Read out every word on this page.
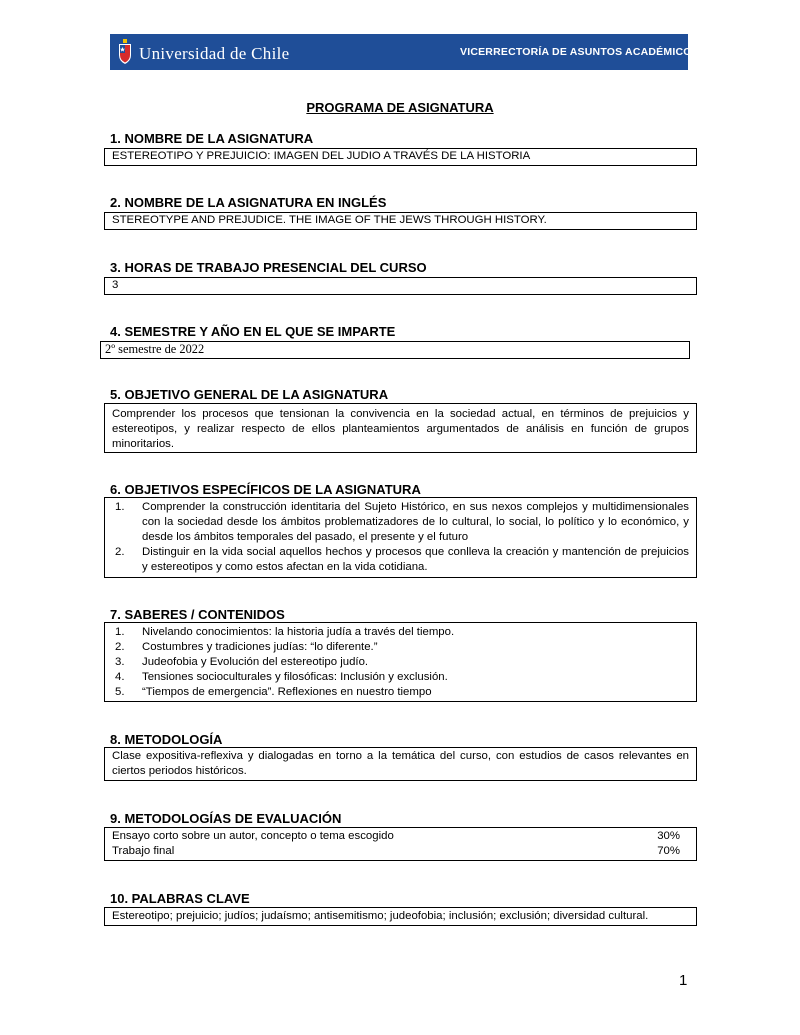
Universidad de Chile	VICERRECTORÍA DE ASUNTOS ACADÉMICOS
PROGRAMA DE ASIGNATURA
1. NOMBRE DE LA ASIGNATURA
ESTEREOTIPO Y PREJUICIO: IMAGEN DEL JUDIO A TRAVÉS DE LA HISTORIA
2. NOMBRE DE LA ASIGNATURA EN INGLÉS
STEREOTYPE AND PREJUDICE. THE IMAGE OF THE JEWS THROUGH HISTORY.
3. HORAS DE TRABAJO PRESENCIAL DEL CURSO
3
4. SEMESTRE Y AÑO EN EL QUE SE IMPARTE
2º semestre de 2022
5. OBJETIVO GENERAL DE LA ASIGNATURA
Comprender los procesos que tensionan la convivencia en la sociedad actual, en términos de prejuicios y estereotipos, y realizar respecto de ellos planteamientos argumentados de análisis en función de grupos minoritarios.
6. OBJETIVOS ESPECÍFICOS DE LA ASIGNATURA
1. Comprender la construcción identitaria del Sujeto Histórico, en sus nexos complejos y multidimensionales con la sociedad desde los ámbitos problematizadores de lo cultural, lo social, lo político y lo económico, y desde los ámbitos temporales del pasado, el presente y el futuro
2. Distinguir en la vida social aquellos hechos y procesos que conlleva la creación y mantención de prejuicios y estereotipos y como estos afectan en la vida cotidiana.
7. SABERES / CONTENIDOS
1. Nivelando conocimientos: la historia judía a través del tiempo.
2. Costumbres y tradiciones judías: “lo diferente.”
3. Judeofobia y Evolución del estereotipo judío.
4. Tensiones socioculturales y filosóficas: Inclusión y exclusión.
5. “Tiempos de emergencia”. Reflexiones en nuestro tiempo
8. METODOLOGÍA
Clase expositiva-reflexiva y dialogadas en torno a la temática del curso, con estudios de casos relevantes en ciertos periodos históricos.
9. METODOLOGÍAS DE EVALUACIÓN
Ensayo corto sobre un autor, concepto o tema escogido	30%
Trabajo final	70%
10. PALABRAS CLAVE
Estereotipo; prejuicio; judíos; judaísmo; antisemitismo; judeofobia; inclusión; exclusión; diversidad cultural.
1
